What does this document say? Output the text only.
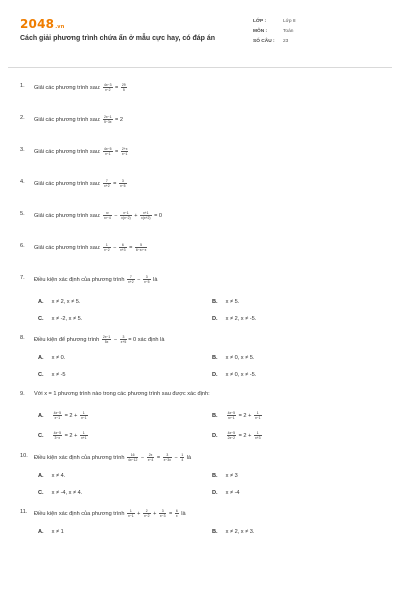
2048.vn
Cách giải phương trình chứa ẩn ở mẫu cực hay, có đáp án
LỚP :	Lớp 8
MÔN :	Toán
SỐ CÂU :	23
1. Giải các phương trình sau: $\frac{4x-3}{x-2} = \frac{29}{5}$
2. Giải các phương trình sau: $\frac{2x-1}{5-3x} = 2$
3. Giải các phương trình sau: $\frac{4x-5}{x-1} = \frac{2+x}{x-1}$
4. Giải các phương trình sau: $\frac{7}{x+2} = \frac{3}{x-5}$
5. Giải các phương trình sau: $\frac{\text{x²}}{\text{x²−4}} - \frac{x-1}{x(x-2)} + \frac{x+1}{x(x+2)} = 0$
6. Giải các phương trình sau: $\frac{1}{x-2} - \frac{6}{x+3} = \frac{5}{\text{6−x²−x}}$
7. Điều kiện xác định của phương trình $\frac{7}{x+2} - \frac{3}{x-5}$ là
A. x ≠ 2, x ≠ 5.	B. x ≠ 5.
C. x ≠ -2, x ≠ 5.	D. x ≠ 2, x ≠ -5.
8. Điều kiện để phương trình $\frac{2x-1}{5x} - \frac{3}{x+5} = 0$ xác định là
A. x ≠ 0.	B. x ≠ 0, x ≠ 5.
C. x ≠ -5	D. x ≠ 0, x ≠ -5.
9. Với x = 1 phương trình nào trong các phương trình sau được xác định:
A.	$\frac{4x-5}{x-1} = 2 + \frac{1}{x-1}$	B.	$\frac{4x-5}{\text{x²−1}} = 2 + \frac{1}{x-1}$
C.	$\frac{4x-5}{3-x} = 2 + \frac{1}{x+1}$	D.	$\frac{4x-5}{2x-2} = 2 + \frac{1}{x+3}$
10. Điều kiện xác định của phương trình $\frac{16}{4x-12} - \frac{2x}{x-4} = \frac{3}{x-3x} - \frac{1}{4}$ là
A. x ≠ 4.	B. x ≠ 3
C. x ≠ -4, x ≠ 4.	D. x ≠ -4
11. Điều kiện xác định của phương trình $\frac{1}{x-1} + \frac{2}{x-2} + \frac{3}{x-3} = \frac{6}{x}$ là
A. x ≠ 1	B. x ≠ 2, x ≠ 3.
